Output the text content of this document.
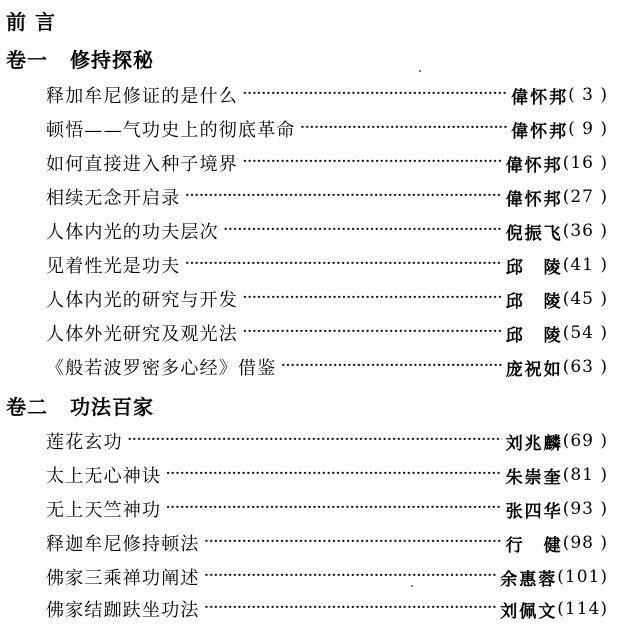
前 言
卷一 修持探秘
释加牟尼修证的是什么 ·····	偉怀邦 ( 3 )
顿悟——气功史上的彻底革命 ·····	偉怀邦 ( 9 )
如何直接进入种子境界 ·····	偉怀邦 (16 )
相续无念开启录 ·····	偉怀邦 (27 )
人体内光的功夫层次 ·····	倪振飞 (36 )
见着性光是功夫 ·····	邱　陵 (41 )
人体内光的研究与开发 ·····	邱　陵 (45 )
人体外光研究及观光法 ·····	邱　陵 (54 )
《般若波罗密多心经》借鉴 ·····	庞祝如 (63 )
卷二 功法百家
莲花玄功 ·····	刘兆麟 (69 )
太上无心神诀 ·····	朱崇奎 (81 )
无上天竺神功 ·····	张四华 (93 )
释迦牟尼修持顿法 ·····	行　健 (98 )
佛家三乘禅功阐述 ·····	余惠蓉 (101)
佛家结跏趺坐功法 ·····	刘佩文 (114)
